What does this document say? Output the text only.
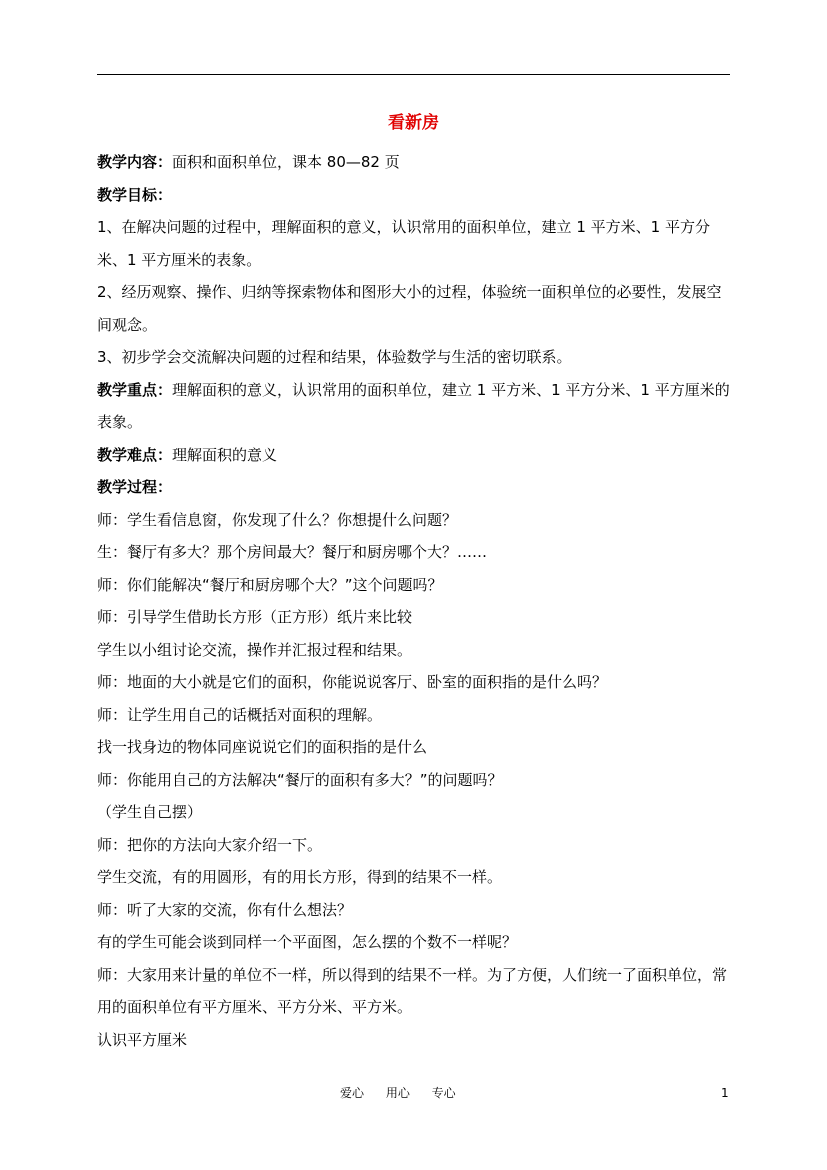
看新房
教学内容：面积和面积单位，课本 80—82 页
教学目标：
1、在解决问题的过程中，理解面积的意义，认识常用的面积单位，建立 1 平方米、1 平方分米、1 平方厘米的表象。
2、经历观察、操作、归纳等探索物体和图形大小的过程，体验统一面积单位的必要性，发展空间观念。
3、初步学会交流解决问题的过程和结果，体验数学与生活的密切联系。
教学重点：理解面积的意义，认识常用的面积单位，建立 1 平方米、1 平方分米、1 平方厘米的表象。
教学难点：理解面积的意义
教学过程：
师：学生看信息窗，你发现了什么？你想提什么问题？
生：餐厅有多大？那个房间最大？餐厅和厨房哪个大？……
师：你们能解决“餐厅和厨房哪个大？”这个问题吗？
师：引导学生借助长方形（正方形）纸片来比较
学生以小组讨论交流，操作并汇报过程和结果。
师：地面的大小就是它们的面积，你能说说客厅、卧室的面积指的是什么吗？
师：让学生用自己的话概括对面积的理解。
找一找身边的物体同座说说它们的面积指的是什么
师：你能用自己的方法解决“餐厅的面积有多大？”的问题吗？
（学生自己摆）
师：把你的方法向大家介绍一下。
学生交流，有的用圆形，有的用长方形，得到的结果不一样。
师：听了大家的交流，你有什么想法？
有的学生可能会谈到同样一个平面图，怎么摆的个数不一样呢？
师：大家用来计量的单位不一样，所以得到的结果不一样。为了方便，人们统一了面积单位，常用的面积单位有平方厘米、平方分米、平方米。
认识平方厘米
爱心 用心 专心	1
